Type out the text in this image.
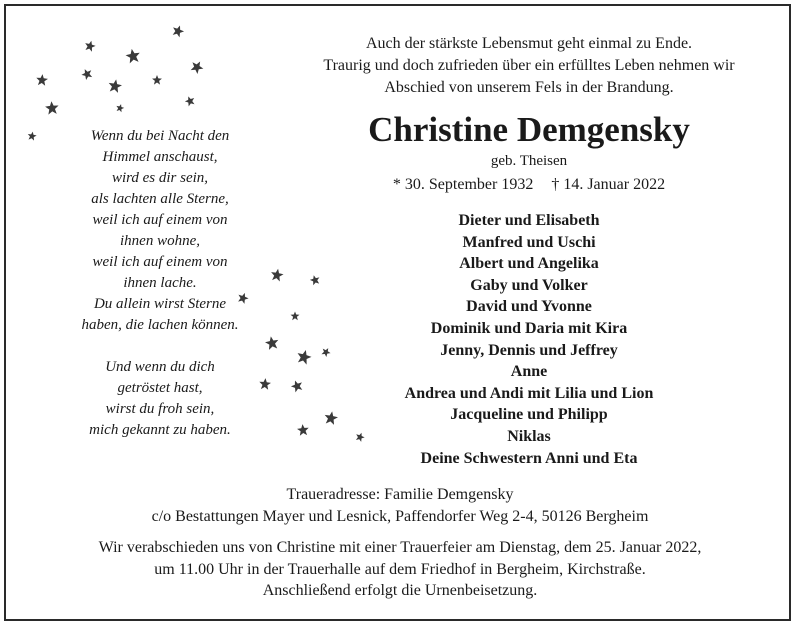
Auch der stärkste Lebensmut geht einmal zu Ende.
Traurig und doch zufrieden über ein erfülltes Leben nehmen wir
Abschied von unserem Fels in der Brandung.
Christine Demgensky
geb. Theisen
* 30. September 1932 † 14. Januar 2022
Dieter und Elisabeth
Manfred und Uschi
Albert und Angelika
Gaby und Volker
David und Yvonne
Dominik und Daria mit Kira
Jenny, Dennis und Jeffrey
Anne
Andrea und Andi mit Lilia und Lion
Jacqueline und Philipp
Niklas
Deine Schwestern Anni und Eta
Wenn du bei Nacht den
Himmel anschaust,
wird es dir sein,
als lachten alle Sterne,
weil ich auf einem von
ihnen wohne,
weil ich auf einem von
ihnen lache.
Du allein wirst Sterne
haben, die lachen können.
Und wenn du dich
getröstet hast,
wirst du froh sein,
mich gekannt zu haben.
Traueradresse: Familie Demgensky
c/o Bestattungen Mayer und Lesnick, Paffendorfer Weg 2-4, 50126 Bergheim
Wir verabschieden uns von Christine mit einer Trauerfeier am Dienstag, dem 25. Januar 2022,
um 11.00 Uhr in der Trauerhalle auf dem Friedhof in Bergheim, Kirchstraße.
Anschließend erfolgt die Urnenbeisetzung.
